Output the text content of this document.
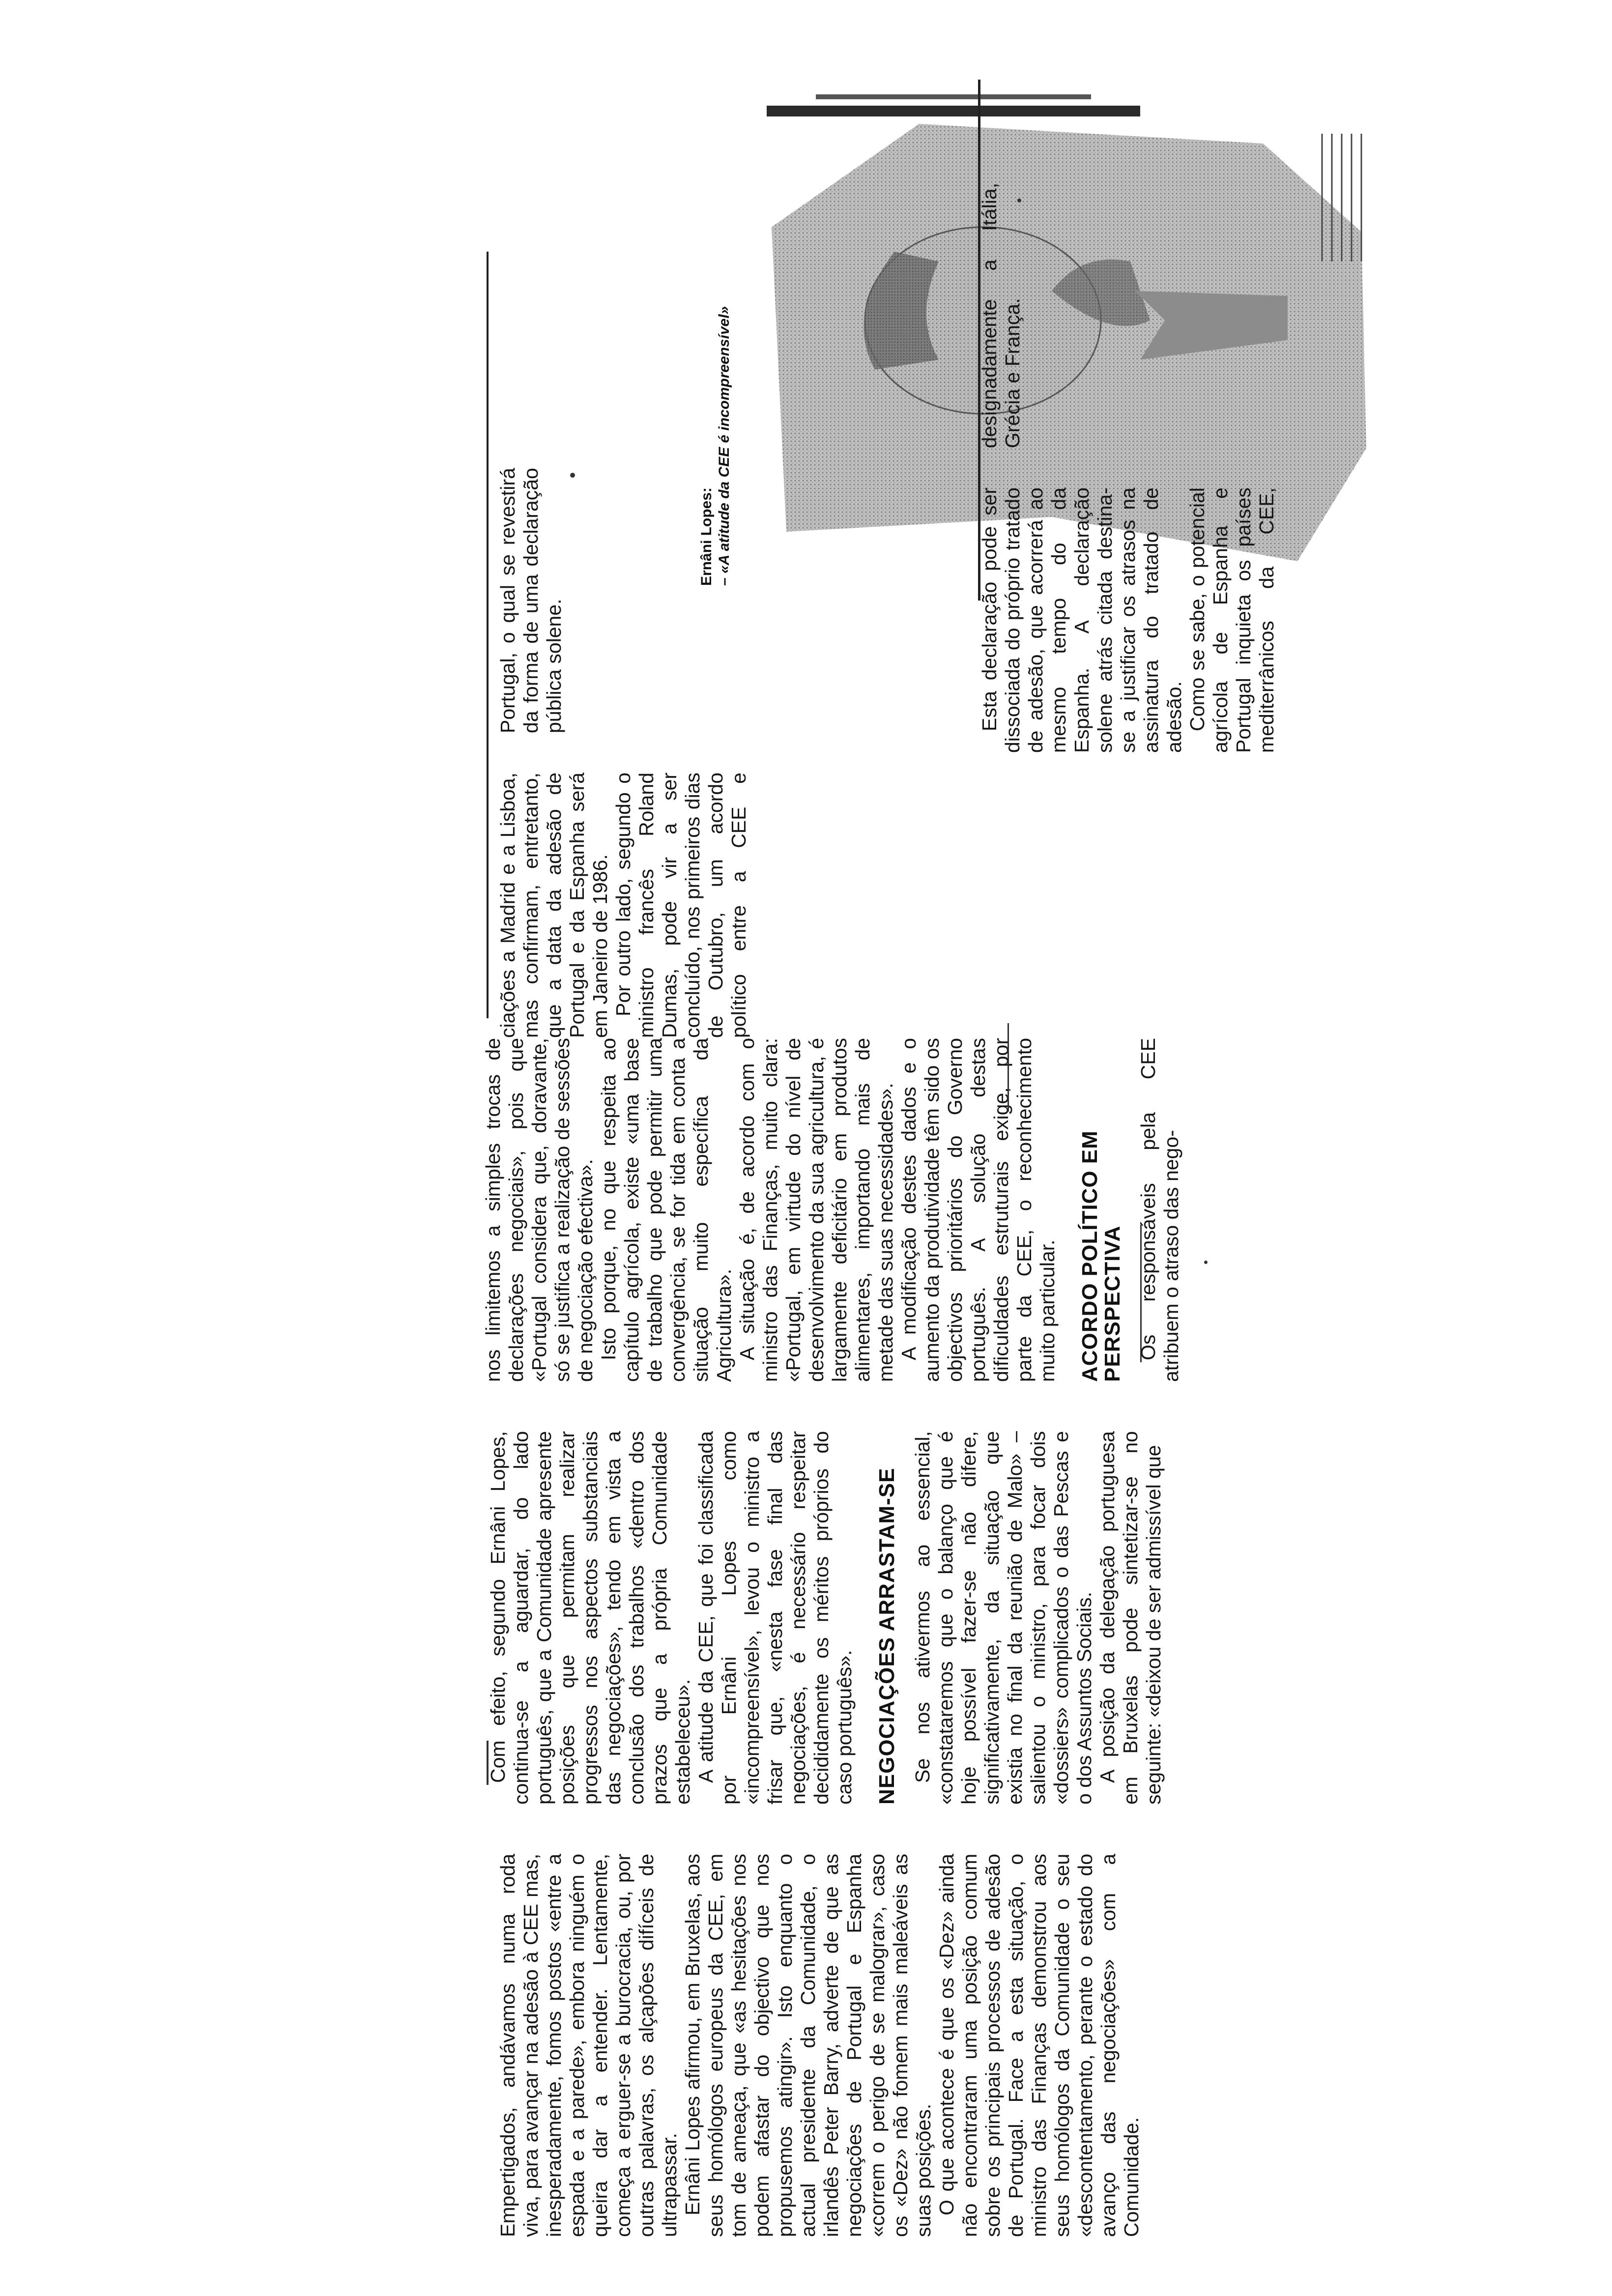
Empertigados, andávamos numa roda viva, para avançar na adesão à CEE mas, inesperadamente, fomos postos «entre a espada e a parede», embora ninguém o queira dar a entender. Lentamente, começa a erguer-se a burocracia, ou, por outras palavras, os alçapões difíceis de ultrapassar. Ernâni Lopes afirmou, em Bruxelas, aos seus homólogos europeus da CEE, em tom de ameaça, que «as hesitações nos podem afastar do objectivo que nos propusemos atingir». Isto enquanto o actual presidente da Comunidade, o irlandês Peter Barry, adverte de que as negociações de Portugal e Espanha «correm o perigo de se malograr», caso os «Dez» não fomem mais maleáveis as suas posições. O que acontece é que os «Dez» ainda não encontraram uma posição comum sobre os principais processos de adesão de Portugal. Face a esta situação, o ministro das Finanças demonstrou aos seus homólogos da Comunidade o seu «descontentamento, perante o estado do avanço das negociações» com a Comunidade.

Com efeito, segundo Ernâni Lopes, continua-se a aguardar, do lado português, que a Comunidade apresente posições que permitam realizar progressos nos aspectos substanciais das negociações», tendo em vista a conclusão dos trabalhos «dentro dos prazos que a própria Comunidade estabeleceu». A atitude da CEE, que foi classificada por Ernâni Lopes como «incompreensível», levou o ministro a frisar que, «nesta fase final das negociações, é necessário respeitar decididamente os méritos próprios do caso português». NEGOCIAÇÕES ARRASTAM-SE Se nos ativermos ao essencial, «constataremos que o balanço que é hoje possível fazer-se não difere, significativamente, da situação que existia no final da reunião de Malo» – salientou o ministro, para focar dois «dossiers» complicados o das Pescas e o dos Assuntos Sociais. A posição da delegação portuguesa em Bruxelas pode sintetizar-se no seguinte: «deixou de ser admissível que

nos limitemos a simples trocas de declarações negociais», pois que «Portugal considera que, doravante, só se justifica a realização de sessões de negociação efectiva». Isto porque, no que respeita ao capítulo agrícola, existe «uma base de trabalho que pode permitir uma convergência, se for tida em conta a situação muito específica da Agricultura». A situação é, de acordo com o ministro das Finanças, muito clara: «Portugal, em virtude do nível de desenvolvimento da sua agricultura, é largamente deficitário em produtos alimentares, importando mais de metade das suas necessidades». A modificação destes dados e o aumento da produtividade têm sido os objectivos prioritários do Governo português. A solução destas dificuldades estruturais exige, por parte da CEE, o reconhecimento muito particular. ACORDO POLÍTICO EM PERSPECTIVA Os responsáveis pela CEE atribuem o atraso das nego-

ciações a Madrid e a Lisboa, mas confirmam, entretanto, que a data da adesão de Portugal e da Espanha será em Janeiro de 1986. Por outro lado, segundo o ministro francês Roland Dumas, pode vir a ser concluído, nos primeiros dias de Outubro, um acordo político entre a CEE e Portugal, o qual se revestirá da forma de uma declaração pública solene.

Ernâni Lopes: – «A atitude da CEE é incompreensível»

Esta declaração pode ser dissociada do próprio tratado de adesão, que acorrerá ao mesmo tempo do da Espanha. A declaração solene atrás citada destina-se a justificar os atrasos na assinatura do tratado de adesão. Como se sabe, o potencial agrícola de Espanha e Portugal inquieta os países mediterrânicos da CEE, designadamente a Itália, Grécia e França.
